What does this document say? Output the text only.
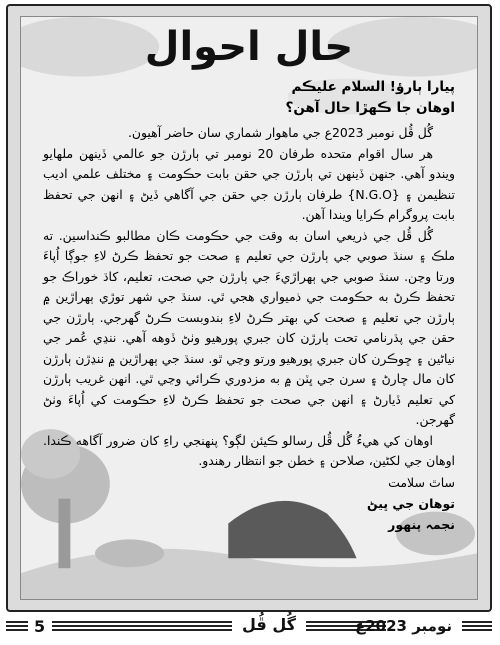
حال احوال

پيارا ٻارؤ! السلام عليڪم

اوهان جا ڪهڙا حال آهن؟

گُل ڦُل نومبر 2023ع جي ماهوار شماري سان حاضر آهيون.

هر سال اقوام متحده طرفان 20 نومبر تي ٻارڙن جو عالمي ڏينهن ملهايو ويندو آهي. جنهن ڏينهن تي ٻارڙن جي حقن بابت حڪومت ۽ مختلف علمي اديب تنظيمن ۽ {N.G.O} طرفان ٻارڙن جي حقن جي آگاهي ڏيڻ ۽ انهن جي تحفظ بابت پروگرام ڪرايا ويندا آهن.

گُل ڦُل جي ذريعي اسان به وقت جي حڪومت ڪان مطالبو ڪنداسين. ته ملڪ ۽ سنڌ صوبي جي ٻارڙن جي تعليم ۽ صحت جو تحفظ ڪرڻ لاءِ جوڳا اُپاءَ ورتا وڃن. سنڌ صوبي جي ٻهراڙيءَ جي ٻارڙن جي صحت، تعليم، کاڌ خوراڪ جو تحفظ ڪرڻ به حڪومت جي ذميواري هجي ٿي. سنڌ جي شهر توڙي ٻهراڙين ۾ ٻارڙن جي تعليم ۽ صحت کي بهتر ڪرڻ لاءِ بندوبست ڪرڻ گهرجي. ٻارڙن جي حقن جي پڌرنامي تحت ٻارڙن کان جبري پورهيو وٺڻ ڏوهه آهي. ننڍي عُمر جي نياڻين ۽ ڇوڪرن کان جبري پورهيو ورتو وڃي ٿو. سنڌ جي ٻهراڙين ۾ ننڍڙن ٻارڙن کان مال چارڻ ۽ سرن جي ڀٽن ۾ به مزدوري ڪرائي وڃي ٿي. انهن غريب ٻارڙن کي تعليم ڏيارڻ ۽ انهن جي صحت جو تحفظ ڪرڻ لاءِ حڪومت کي اُپاءَ وٺڻ گهرجن.

اوهان کي هيءُ گُل ڦُل رسالو ڪيئن لڳو؟ پنهنجي راءِ کان ضرور آگاهه ڪندا. اوهان جي لکڻين، صلاحن ۽ خطن جو انتظار رهندو.

ساٿ سلامت

توهان جي ڀيڻ

نجمہ پنهور

5	گُل ڦُل	نومبر 2023ع
